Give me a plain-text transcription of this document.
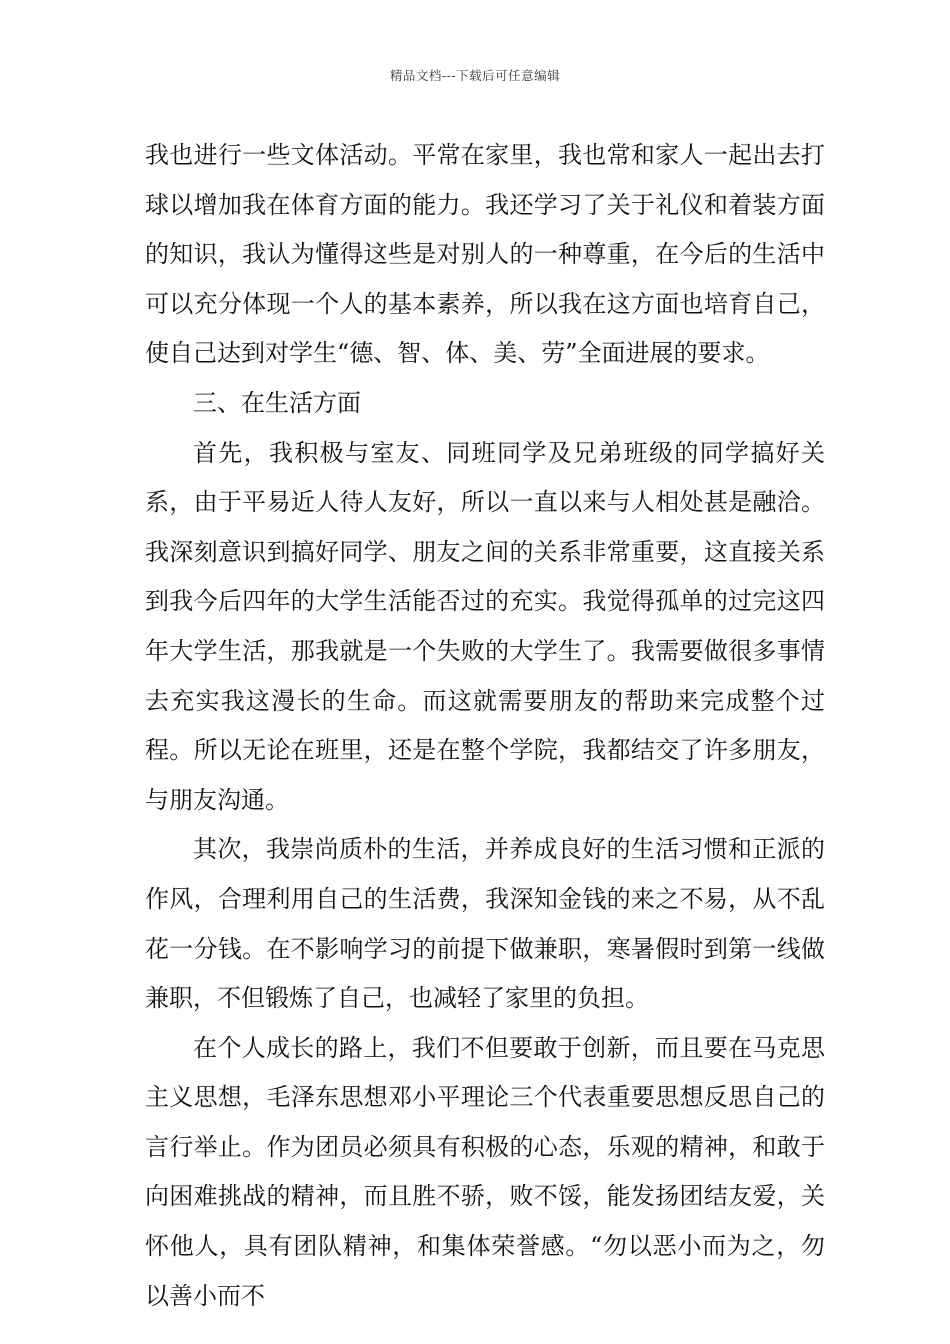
精品文档---下载后可任意编辑

我也进行一些文体活动。平常在家里，我也常和家人一起出去打球以增加我在体育方面的能力。我还学习了关于礼仪和着装方面的知识，我认为懂得这些是对别人的一种尊重，在今后的生活中可以充分体现一个人的基本素养，所以我在这方面也培育自己，使自己达到对学生“德、智、体、美、劳”全面进展的要求。

三、在生活方面

首先，我积极与室友、同班同学及兄弟班级的同学搞好关系，由于平易近人待人友好，所以一直以来与人相处甚是融洽。我深刻意识到搞好同学、朋友之间的关系非常重要，这直接关系到我今后四年的大学生活能否过的充实。我觉得孤单的过完这四年大学生活，那我就是一个失败的大学生了。我需要做很多事情去充实我这漫长的生命。而这就需要朋友的帮助来完成整个过程。所以无论在班里，还是在整个学院，我都结交了许多朋友，与朋友沟通。

其次，我崇尚质朴的生活，并养成良好的生活习惯和正派的作风，合理利用自己的生活费，我深知金钱的来之不易，从不乱花一分钱。在不影响学习的前提下做兼职，寒暑假时到第一线做兼职，不但锻炼了自己，也减轻了家里的负担。

在个人成长的路上，我们不但要敢于创新，而且要在马克思主义思想，毛泽东思想邓小平理论三个代表重要思想反思自己的言行举止。作为团员必须具有积极的心态，乐观的精神，和敢于向困难挑战的精神，而且胜不骄，败不馁，能发扬团结友爱，关怀他人，具有团队精神，和集体荣誉感。“勿以恶小而为之，勿以善小而不
